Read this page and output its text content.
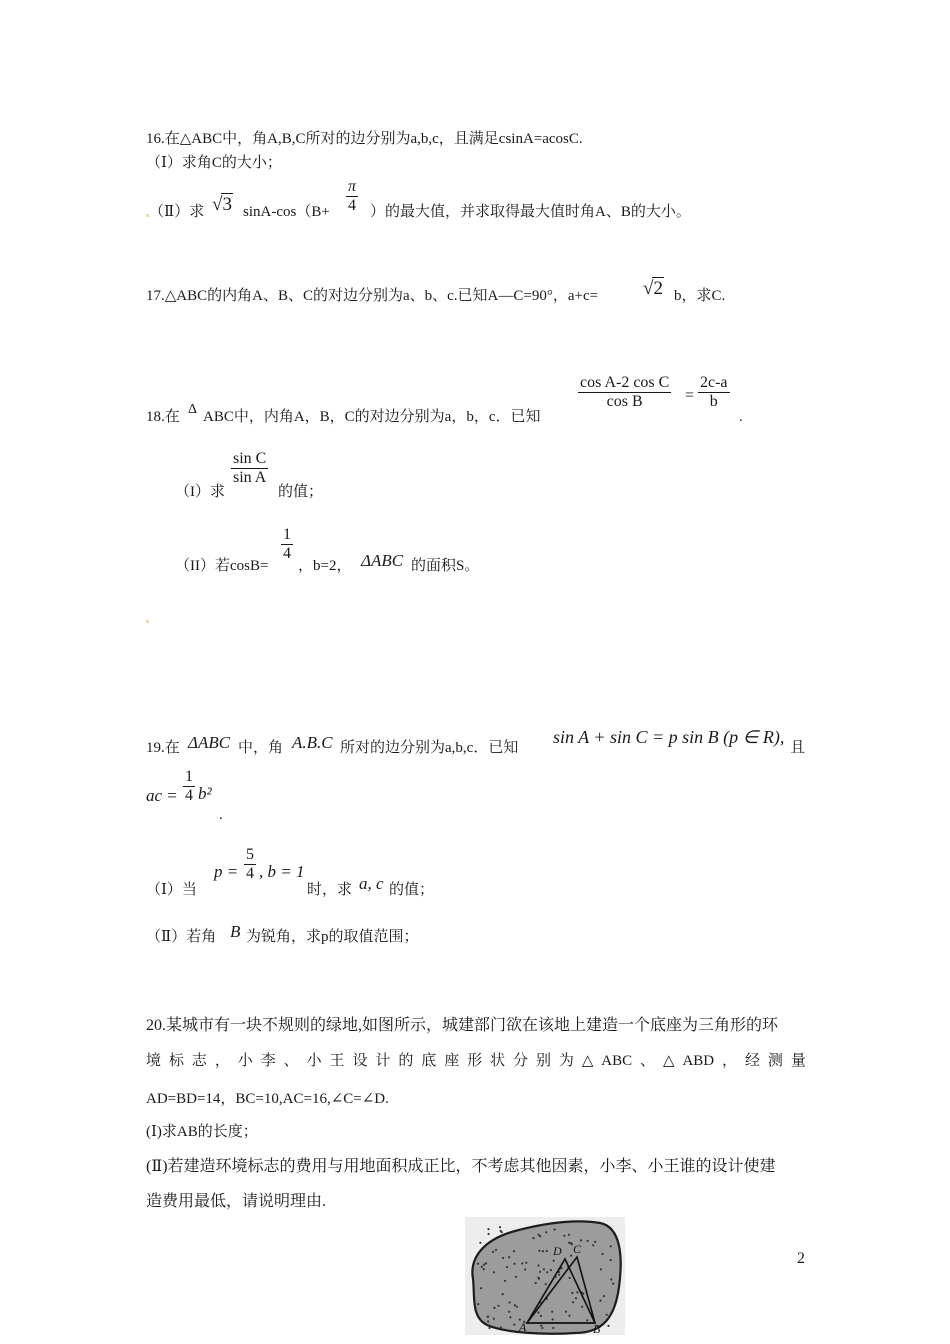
16.在△ABC中，角A,B,C所对的边分别为a,b,c，且满足csinA=acosC.
（Ⅰ）求角C的大小；
（Ⅱ）求 √3 sinA-cos（B+
π
4 ）的最大值，并求取得最大值时角A、B的大小。
17.△ABC的内角A、B、C的对边分别为a、b、c.已知A—C=90°，a+c= √2 b，求C.
18.在 Δ ABC中，内角A，B，C的对边分别为a，b，c．已知
cos A-2 cos C
cos B	=
2c-a
b
.
（I）求
sin C
sin A
的值；
（II）若cosB=
1
4
，b=2， ΔABC 的面积S。
19.在 ΔABC 中，角 A.B.C 所对的边分别为a,b,c．已知
sin A + sin C = p sin B (p ∈ R),
且
ac =
1
4 b²
.
（Ⅰ）当
p =
5
4 , b = 1
时，求 a, c 的值；
（Ⅱ）若角 B 为锐角，求p的取值范围；
20.某城市有一块不规则的绿地,如图所示，城建部门欲在该地上建造一个底座为三角形的环
境 标 志 ， 小 李 、 小 王 设 计 的 底 座 形 状 分 别 为 △ ABC 、 △ ABD ， 经 测 量
AD=BD=14，BC=10,AC=16,∠C=∠D.
(Ⅰ)求AB的长度；
(Ⅱ)若建造环境标志的费用与用地面积成正比，不考虑其他因素，小李、小王谁的设计使建
造费用最低，请说明理由.
A	B
C
D	2
ₓ
ₓ
